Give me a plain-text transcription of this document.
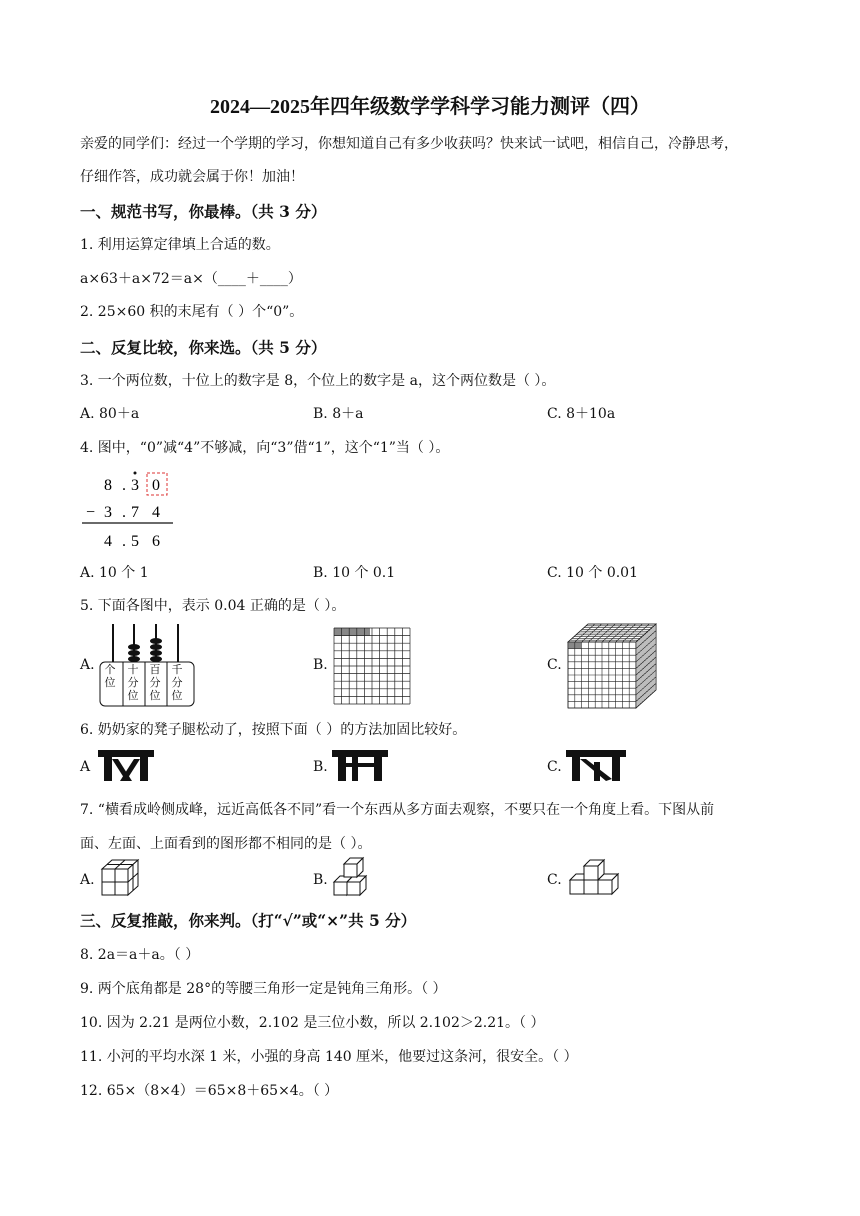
2024—2025年四年级数学学科学习能力测评（四）
亲爱的同学们：经过一个学期的学习，你想知道自己有多少收获吗？快来试一试吧，相信自己，冷静思考，
仔细作答，成功就会属于你！加油！
一、规范书写，你最棒。（共 3 分）
1. 利用运算定律填上合适的数。
a×63＋a×72＝a×（____＋____）
2. 25×60 积的末尾有（ ）个“0”。
二、反复比较，你来选。（共 5 分）
3. 一个两位数，十位上的数字是 8，个位上的数字是 a，这个两位数是（ ）。
A. 80＋a	B. 8＋a	C. 8＋10a
4. 图中，“0”减“4”不够减，向“3”借“1”，这个“1”当（ ）。
8 . 3 0
− 3 . 7 4
4 . 5 6
A. 10 个 1	B. 10 个 0.1	C. 10 个 0.01
5. 下面各图中，表示 0.04 正确的是（ ）。
A. 个位
十分位
百分位
千分位
B.	C.
6. 奶奶家的凳子腿松动了，按照下面（ ）的方法加固比较好。
A	B.	C.
7. “横看成岭侧成峰，远近高低各不同”看一个东西从多方面去观察，不要只在一个角度上看。下图从前
面、左面、上面看到的图形都不相同的是（ ）。
A.	B.	C.
三、反复推敲，你来判。（打“√”或“×”共 5 分）
8. 2a＝a＋a。（ ）
9. 两个底角都是 28°的等腰三角形一定是钝角三角形。（ ）
10. 因为 2.21 是两位小数，2.102 是三位小数，所以 2.102＞2.21。（ ）
11. 小河的平均水深 1 米，小强的身高 140 厘米，他要过这条河，很安全。（ ）
12. 65×（8×4）＝65×8＋65×4。（ ）
